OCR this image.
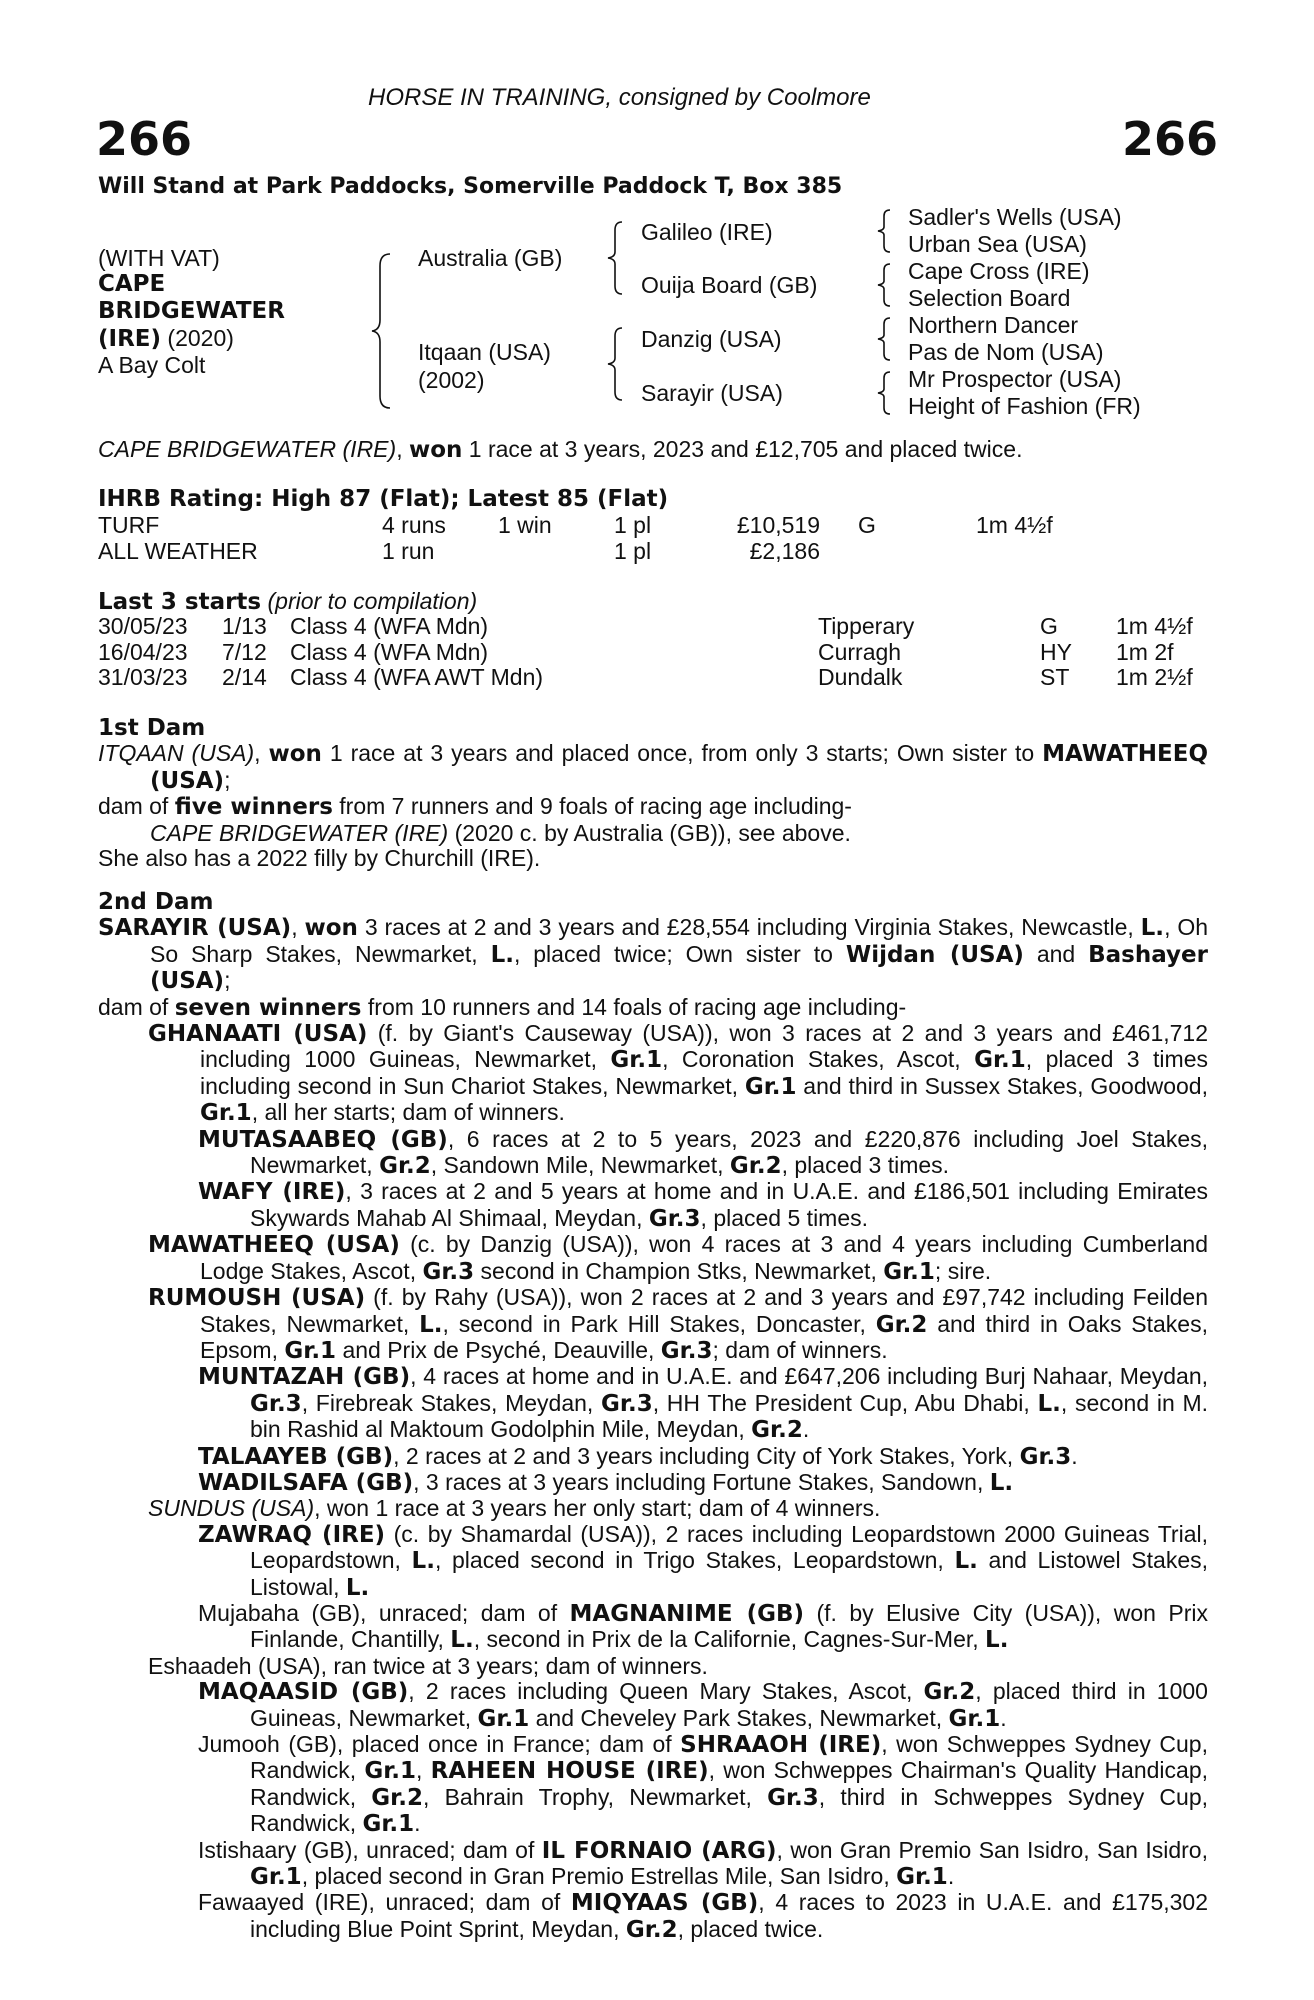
HORSE IN TRAINING, consigned by Coolmore
266	266
Will Stand at Park Paddocks, Somerville Paddock T, Box 385
(WITH VAT)
CAPE
BRIDGEWATER
(IRE) (2020)
A Bay Colt
Australia (GB)
Itqaan (USA)
(2002)
Galileo (IRE)
Ouija Board (GB)
Danzig (USA)
Sarayir (USA)
Sadler's Wells (USA)
Urban Sea (USA)
Cape Cross (IRE)
Selection Board
Northern Dancer
Pas de Nom (USA)
Mr Prospector (USA)
Height of Fashion (FR)
CAPE BRIDGEWATER (IRE), won 1 race at 3 years, 2023 and £12,705 and placed twice.
IHRB Rating: High 87 (Flat); Latest 85 (Flat)
TURF	4 runs 1 win	1 pl	£10,519 G	1m 4½f
ALL WEATHER	1 run	1 pl	£2,186
Last 3 starts (prior to compilation)
30/05/23 1/13 Class 4 (WFA Mdn)	Tipperary	G	1m 4½f
16/04/23 7/12 Class 4 (WFA Mdn)	Curragh	HY 1m 2f
31/03/23 2/14 Class 4 (WFA AWT Mdn)	Dundalk	ST 1m 2½f

1st Dam

ITQAAN (USA), won 1 race at 3 years and placed once, from only 3 starts; Own sister to MAWATHEEQ (USA);

dam of five winners from 7 runners and 9 foals of racing age including-

CAPE BRIDGEWATER (IRE) (2020 c. by Australia (GB)), see above.

She also has a 2022 filly by Churchill (IRE).

2nd Dam

SARAYIR (USA), won 3 races at 2 and 3 years and £28,554 including Virginia Stakes, Newcastle, L., Oh So Sharp Stakes, Newmarket, L., placed twice; Own sister to Wijdan (USA) and Bashayer (USA);

dam of seven winners from 10 runners and 14 foals of racing age including-

GHANAATI (USA) (f. by Giant's Causeway (USA)), won 3 races at 2 and 3 years and £461,712 including 1000 Guineas, Newmarket, Gr.1, Coronation Stakes, Ascot, Gr.1, placed 3 times including second in Sun Chariot Stakes, Newmarket, Gr.1 and third in Sussex Stakes, Goodwood, Gr.1, all her starts; dam of winners.

MUTASAABEQ (GB), 6 races at 2 to 5 years, 2023 and £220,876 including Joel Stakes, Newmarket, Gr.2, Sandown Mile, Newmarket, Gr.2, placed 3 times.

WAFY (IRE), 3 races at 2 and 5 years at home and in U.A.E. and £186,501 including Emirates Skywards Mahab Al Shimaal, Meydan, Gr.3, placed 5 times.

MAWATHEEQ (USA) (c. by Danzig (USA)), won 4 races at 3 and 4 years including Cumberland Lodge Stakes, Ascot, Gr.3 second in Champion Stks, Newmarket, Gr.1; sire.

RUMOUSH (USA) (f. by Rahy (USA)), won 2 races at 2 and 3 years and £97,742 including Feilden Stakes, Newmarket, L., second in Park Hill Stakes, Doncaster, Gr.2 and third in Oaks Stakes, Epsom, Gr.1 and Prix de Psyché, Deauville, Gr.3; dam of winners.

MUNTAZAH (GB), 4 races at home and in U.A.E. and £647,206 including Burj Nahaar, Meydan, Gr.3, Firebreak Stakes, Meydan, Gr.3, HH The President Cup, Abu Dhabi, L., second in M. bin Rashid al Maktoum Godolphin Mile, Meydan, Gr.2.

TALAAYEB (GB), 2 races at 2 and 3 years including City of York Stakes, York, Gr.3.

WADILSAFA (GB), 3 races at 3 years including Fortune Stakes, Sandown, L.

SUNDUS (USA), won 1 race at 3 years her only start; dam of 4 winners.

ZAWRAQ (IRE) (c. by Shamardal (USA)), 2 races including Leopardstown 2000 Guineas Trial, Leopardstown, L., placed second in Trigo Stakes, Leopardstown, L. and Listowel Stakes, Listowal, L.

Mujabaha (GB), unraced; dam of MAGNANIME (GB) (f. by Elusive City (USA)), won Prix Finlande, Chantilly, L., second in Prix de la Californie, Cagnes-Sur-Mer, L.

Eshaadeh (USA), ran twice at 3 years; dam of winners.

MAQAASID (GB), 2 races including Queen Mary Stakes, Ascot, Gr.2, placed third in 1000 Guineas, Newmarket, Gr.1 and Cheveley Park Stakes, Newmarket, Gr.1.

Jumooh (GB), placed once in France; dam of SHRAAOH (IRE), won Schweppes Sydney Cup, Randwick, Gr.1, RAHEEN HOUSE (IRE), won Schweppes Chairman's Quality Handicap, Randwick, Gr.2, Bahrain Trophy, Newmarket, Gr.3, third in Schweppes Sydney Cup, Randwick, Gr.1.

Istishaary (GB), unraced; dam of IL FORNAIO (ARG), won Gran Premio San Isidro, San Isidro, Gr.1, placed second in Gran Premio Estrellas Mile, San Isidro, Gr.1.

Fawaayed (IRE), unraced; dam of MIQYAAS (GB), 4 races to 2023 in U.A.E. and £175,302 including Blue Point Sprint, Meydan, Gr.2, placed twice.
